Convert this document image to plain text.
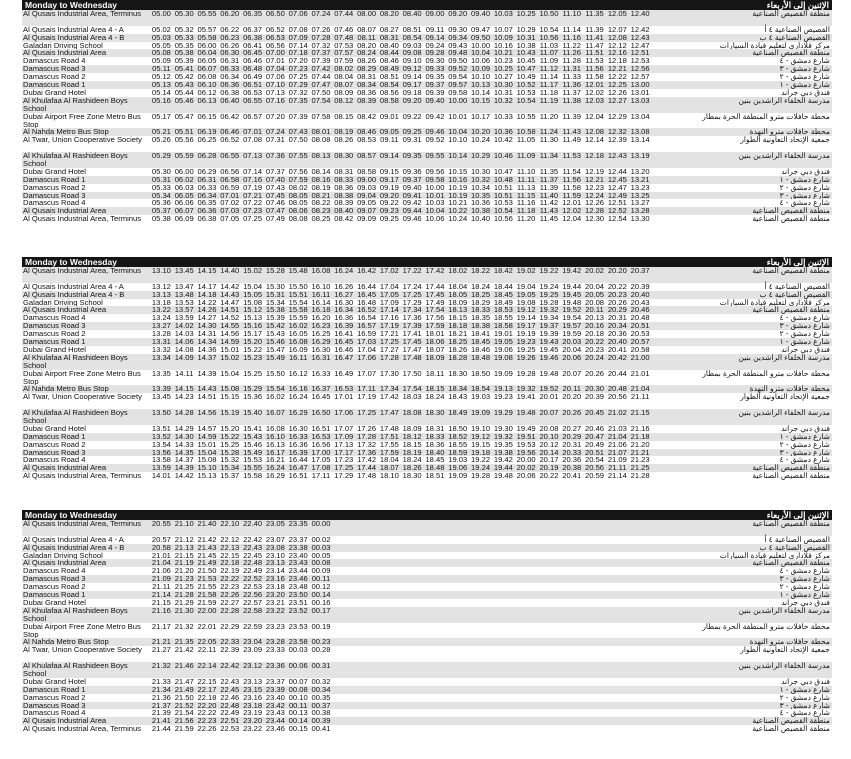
Monday to Wednesday	الإثنين إلى الأربعاء
Al Qusais Industrial Area, Terminus	05.00 05.30 05.55 06.20 06.35 06.50 07.06 07.24 07.44 08.00 08.20 08.40 09.00 09.20 09.40 10.03 10.25 10.50 11.10 11.35 12.05 12.40	منطقة القصيص الصناعية
Al Qusais Industrial Area 4 - A	05.02 05.32 05.57 06.22 06.37 06.52 07.08 07.26 07.46 08.07 08.27 08.51 09.11 09.30 09.47 10.07 10.29 10.54 11.14 11.39 12.07 12.42	القصيص الصناعية ٤ أ
Al Qusais Industrial Area 4 - B	05.03 05.33 05.58 06.23 06.38 06.53 07.09 07.28 07.48 08.11 08.31 08.54 09.14 09.34 09.50 10.09 10.31 10.56 11.16 11.41 12.08 12.43	القصيص الصناعية ٤ ب
Galadari Driving School	05.05 05.35 06.00 06.26 06.41 06.56 07.14 07.32 07.53 08.20 08.40 09.03 09.24 09.43 10.00 10.16 10.38 11.03 11.22 11.47 12.12 12.47	مركز قلاداري لتعليم قيادة السيارات
Al Qusais Industrial Area	05.08 05.38 06.04 06.30 06.45 07.00 07.18 07.37 07.57 08.24 08.44 09.08 09.28 09.48 10.04 10.21 10.43 11.07 11.26 11.51 12.16 12.51	منطقة القصيص الصناعية
Damascus Road 4	05.09 05.39 06.05 06.31 06.46 07.01 07.20 07.39 07.59 08.26 08.46 09.10 09.30 09.50 10.06 10.23 10.45 11.09 11.28 11.53 12.18 12.53	شارع دمشق - ٤
Damascus Road 3	05.11 05.41 06.07 06.33 06.48 07.04 07.23 07.42 08.02 08.29 08.49 09.12 09.33 09.52 10.09 10.25 10.47 11.12 11.31 11.56 12.21 12.56	شارع دمشق - ٣
Damascus Road 2	05.12 05.42 06.08 06.34 06.49 07.06 07.25 07.44 08.04 08.31 08.51 09.14 09.35 09.54 10.10 10.27 10.49 11.14 11.33 11.58 12.22 12.57	شارع دمشق - ٢
Damascus Road 1	05.13 05.43 06.10 06.36 06.51 07.10 07.29 07.47 08.07 08.34 08.54 09.17 09.37 09.57 10.13 10.30 10.52 11.17 11.36 12.01 12.25 13.00	شارع دمشق - ١
Dubai Grand Hotel	05.14 05.44 06.12 06.38 06.53 07.13 07.32 07.50 08.09 08.36 08.56 09.18 09.39 09.58 10.14 10.31 10.53 11.18 11.37 12.02 12.26 13.01	فندق دبي جراند
Al Khulafaa Al Rashideen Boys School
05.16 05.46 06.13 06.40 06.55 07.16 07.35 07.54 08.12 08.39 08.58 09.20 09.40 10.00 10.15 10.32 10.54 11.19 11.38 12.03 12.27 13.03	مدرسة الخلفاء الراشدين بنين
Dubai Airport Free Zone Metro Bus Stop
05.17 05.47 06.15 06.42 06.57 07.20 07.39 07.58 08.15 08.42 09.01 09.22 09.42 10.01 10.17 10.33 10.55 11.20 11.39 12.04 12.29 13.04	محطة حافلات مترو المنطقة الحرة بمطار
Al Nahda Metro Bus Stop	05.21 05.51 06.19 06.46 07.01 07.24 07.43 08.01 08.19 08.46 09.05 09.25 09.46 10.04 10.20 10.36 10.58 11.24 11.43 12.08 12.32 13.08	محطة حافلات مترو النهدة
Al Twar, Union Cooperative Society	05.26 05.56 06.25 06.52 07.08 07.31 07.50 08.08 08.26 08.53 09.11 09.31 09.52 10.10 10.24 10.42 11.05 11.30 11.49 12.14 12.39 13.14	جمعية الإتحاد التعاونية الطوار
Al Khulafaa Al Rashideen Boys School
05.29 05.59 06.28 06.55 07.13 07.36 07.55 08.13 08.30 08.57 09.14 09.35 09.55 10.14 10.29 10.46 11.09 11.34 11.53 12.18 12.43 13.19	مدرسة الخلفاء الراشدين بنين
Dubai Grand Hotel	05.30 06.00 06.29 06.56 07.14 07.37 07.56 08.14 08.31 08.58 09.15 09.36 09.56 10.15 10.30 10.47 11.10 11.35 11.54 12.19 12.44 13.20	فندق دبي جراند
Damascus Road 1	05.31 06.02 06.31 06.58 07.16 07.40 07.59 08.16 08.33 09.00 09.17 09.37 09.58 10.16 10.32 10.48 11.11 11.37 11.56 12.21 12.45 13.21	شارع دمشق - ١
Damascus Road 2	05.33 06.03 06.33 06.59 07.19 07.43 08.02 08.19 08.36 09.03 09.19 09.40 10.00 10.19 10.34 10.51 11.13 11.39 11.58 12.23 12.47 13.23	شارع دمشق - ٢
Damascus Road 3	05.34 06.05 06.34 07.01 07.21 07.45 08.05 08.21 08.38 09.04 09.20 09.41 10.01 10.19 10.35 10.51 11.15 11.40 11.59 12.24 12.49 13.25	شارع دمشق - ٣
Damascus Road 4	05.36 06.06 06.35 07.02 07.22 07.46 08.05 08.22 08.39 09.05 09.22 09.42 10.03 10.21 10.36 10.53 11.16 11.42 12.01 12.26 12.51 13.27	شارع دمشق - ٤
Al Qusais Industrial Area	05.37 06.07 06.36 07.03 07.23 07.47 08.06 08.23 08.40 09.07 09.23 09.44 10.04 10.22 10.38 10.54 11.18 11.43 12.02 12.28 12.52 13.28	منطقة القصيص الصناعية
Al Qusais Industrial Area, Terminus	05.38 06.09 06.38 07.05 07.25 07.49 08.08 08.25 08.42 09.09 09.25 09.46 10.06 10.24 10.40 10.56 11.20 11.45 12.04 12.30 12.54 13.30	منطقة القصيص الصناعية
Monday to Wednesday	الإثنين إلى الأربعاء
Al Qusais Industrial Area, Terminus	13.10 13.45 14.15 14.40 15.02 15.28 15.48 16.08 16.24 16.42 17.02 17.22 17.42 18.02 18.22 18.42 19.02 19.22 19.42 20.02 20.20 20.37	منطقة القصيص الصناعية
Al Qusais Industrial Area 4 - A	13.12 13.47 14.17 14.42 15.04 15.30 15.50 16.10 16.26 16.44 17.04 17.24 17.44 18.04 18.24 18.44 19.04 19.24 19.44 20.04 20.22 20.39	القصيص الصناعية ٤ أ
Al Qusais Industrial Area 4 - B	13.13 13.48 14.18 14.43 15.05 15.31 15.51 16.11 16.27 16.45 17.05 17.25 17.45 18.05 18.25 18.45 19.05 19.25 19.45 20.05 20.23 20.40	القصيص الصناعية ٤ ب
Galadari Driving School	13.18 13.53 14.22 14.47 15.08 15.34 15.54 16.14 16.30 16.48 17.09 17.29 17.49 18.09 18.29 18.49 19.08 19.28 19.48 20.08 20.26 20.43	مركز قلاداري لتعليم قيادة السيارات
Al Qusais Industrial Area	13.22 13.57 14.26 14.51 15.12 15.38 15.58 16.18 16.34 16.52 17.14 17.34 17.54 18.13 18.33 18.53 19.12 19.32 19.52 20.11 20.29 20.46	منطقة القصيص الصناعية
Damascus Road 4	13.24 13.59 14.27 14.52 15.13 15.39 15.59 16.20 16.36 16.54 17.16 17.36 17.56 18.15 18.35 18.55 19.14 19.34 19.54 20.13 20.31 20.48	شارع دمشق - ٤
Damascus Road 3	13.27 14.02 14.30 14.55 15.16 15.42 16.02 16.23 16.39 16.57 17.19 17.39 17.59 18.18 18.38 18.58 19.17 19.37 19.57 20.16 20.34 20.51	شارع دمشق - ٣
Damascus Road 2	13.28 14.03 14.31 14.56 15.17 15.43 16.05 16.25 16.41 16.59 17.21 17.41 18.01 18.21 18.41 19.01 19.19 19.39 19.59 20.18 20.36 20.53	شارع دمشق - ٢
Damascus Road 1	13.31 14.06 14.34 14.59 15.20 15.46 16.08 16.29 16.45 17.03 17.25 17.45 18.06 18.25 18.45 19.05 19.23 19.43 20.03 20.22 20.40 20.57	شارع دمشق - ١
Dubai Grand Hotel	13.32 14.08 14.36 15.01 15.22 15.47 16.09 16.30 16.46 17.04 17.27 17.47 18.07 18.26 18.46 19.06 19.25 19.45 20.04 20.23 20.41 20.58	فندق دبي جراند
Al Khulafaa Al Rashideen Boys School
13.34 14.09 14.37 15.02 15.23 15.49 16.11 16.31 16.47 17.06 17.28 17.48 18.09 18.28 18.48 19.08 19.26 19.46 20.06 20.24 20.42 21.00	مدرسة الخلفاء الراشدين بنين
Dubai Airport Free Zone Metro Bus Stop
13.35 14.11 14.39 15.04 15.25 15.50 16.12 16.33 16.49 17.07 17.30 17.50 18.11 18.30 18.50 19.09 19.28 19.48 20.07 20.26 20.44 21.01	محطة حافلات مترو المنطقة الحرة بمطار
Al Nahda Metro Bus Stop	13.39 14.15 14.43 15.08 15.29 15.54 16.16 16.37 16.53 17.11 17.34 17.54 18.15 18.34 18.54 19.13 19.32 19.52 20.11 20.30 20.48 21.04	محطة حافلات مترو النهدة
Al Twar, Union Cooperative Society	13.45 14.23 14.51 15.15 15.36 16.02 16.24 16.45 17.01 17.19 17.42 18.03 18.24 18.43 19.03 19.23 19.41 20.01 20.20 20.39 20.56 21.11	جمعية الإتحاد التعاونية الطوار
Al Khulafaa Al Rashideen Boys School
13.50 14.28 14.56 15.19 15.40 16.07 16.29 16.50 17.06 17.25 17.47 18.08 18.30 18.49 19.09 19.29 19.48 20.07 20.26 20.45 21.02 21.15	مدرسة الخلفاء الراشدين بنين
Dubai Grand Hotel	13.51 14.29 14.57 15.20 15.41 16.08 16.30 16.51 17.07 17.26 17.48 18.09 18.31 18.50 19.10 19.30 19.49 20.08 20.27 20.46 21.03 21.16	فندق دبي جراند
Damascus Road 1	13.52 14.30 14.59 15.22 15.43 16.10 16.33 16.53 17.09 17.28 17.51 18.12 18.33 18.52 19.12 19.32 19.51 20.10 20.29 20.47 21.04 21.18	شارع دمشق - ١
Damascus Road 2	13.54 14.33 15.01 15.25 15.46 16.13 16.36 16.56 17.13 17.32 17.55 18.15 18.36 18.55 19.15 19.35 19.53 20.12 20.31 20.49 21.06 21.20	شارع دمشق - ٢
Damascus Road 3	13.56 14.35 15.04 15.28 15.49 16.17 16.39 17.00 17.17 17.36 17.59 18.19 18.40 18.59 19.18 19.38 19.56 20.14 20.33 20.51 21.07 21.21	شارع دمشق - ٣
Damascus Road 4	13.58 14.37 15.08 15.32 15.53 16.21 16.44 17.05 17.23 17.42 18.04 18.24 18.45 19.03 19.22 19.42 20.00 20.17 20.36 20.54 21.09 21.23	شارع دمشق - ٤
Al Qusais Industrial Area	13.59 14.39 15.10 15.34 15.55 16.24 16.47 17.08 17.25 17.44 18.07 18.26 18.48 19.06 19.24 19.44 20.02 20.19 20.38 20.56 21.11 21.25	منطقة القصيص الصناعية
Al Qusais Industrial Area, Terminus	14.01 14.42 15.13 15.37 15.58 16.29 16.51 17.11 17.29 17.48 18.10 18.30 18.51 19.09 19.28 19.48 20.06 20.22 20.41 20.59 21.14 21.28	منطقة القصيص الصناعية
Monday to Wednesday	الإثنين إلى الأربعاء
Al Qusais Industrial Area, Terminus	20.55 21.10 21.40 22.10 22.40 23.05 23.35 00.00	منطقة القصيص الصناعية
Al Qusais Industrial Area 4 - A	20.57 21.12 21.42 22.12 22.42 23.07 23.37 00.02	القصيص الصناعية ٤ أ
Al Qusais Industrial Area 4 - B	20.58 21.13 21.43 22.13 22.43 23.08 23.38 00.03	القصيص الصناعية ٤ ب
Galadari Driving School	21.01 21.15 21.45 22.15 22.45 23.10 23.40 00.05	مركز قلاداري لتعليم قيادة السيارات
Al Qusais Industrial Area	21.04 21.19 21.49 22.18 22.48 23.13 23.43 00.08	منطقة القصيص الصناعية
Damascus Road 4	21.06 21.20 21.50 22.19 22.49 23.14 23.44 00.09	شارع دمشق - ٤
Damascus Road 3	21.09 21.23 21.53 22.22 22.52 23.16 23.46 00.11	شارع دمشق - ٣
Damascus Road 2	21.11 21.25 21.55 22.23 22.53 23.18 23.48 00.12	شارع دمشق - ٢
Damascus Road 1	21.14 21.28 21.58 22.26 22.56 23.20 23.50 00.14	شارع دمشق - ١
Dubai Grand Hotel	21.15 21.29 21.59 22.27 22.57 23.21 23.51 00.16	فندق دبي جراند
Al Khulafaa Al Rashideen Boys School
21.16 21.30 22.00 22.28 22.58 23.22 23.52 00.17	مدرسة الخلفاء الراشدين بنين
Dubai Airport Free Zone Metro Bus Stop
21.17 21.32 22.01 22.29 22.59 23.23 23.53 00.19	محطة حافلات مترو المنطقة الحرة بمطار
Al Nahda Metro Bus Stop	21.21 21.35 22.05 22.33 23.04 23.28 23.58 00.23	محطة حافلات مترو النهدة
Al Twar, Union Cooperative Society	21.27 21.42 22.11 22.39 23.09 23.33 00.03 00.28	جمعية الإتحاد التعاونية الطوار
Al Khulafaa Al Rashideen Boys School
21.32 21.46 22.14 22.42 23.12 23.36 00.06 00.31	مدرسة الخلفاء الراشدين بنين
Dubai Grand Hotel	21.33 21.47 22.15 22.43 23.13 23.37 00.07 00.32	فندق دبي جراند
Damascus Road 1	21.34 21.49 22.17 22.45 23.15 23.39 00.08 00.34	شارع دمشق - ١
Damascus Road 2	21.36 21.50 22.18 22.46 23.16 23.40 00.10 00.35	شارع دمشق - ٢
Damascus Road 3	21.37 21.52 22.20 22.48 23.18 23.42 00.11 00.37	شارع دمشق - ٣
Damascus Road 4	21.39 21.54 22.22 22.49 23.19 23.43 00.13 00.38	شارع دمشق - ٤
Al Qusais Industrial Area	21.41 21.56 22.23 22.51 23.20 23.44 00.14 00.39	منطقة القصيص الصناعية
Al Qusais Industrial Area, Terminus	21.44 21.59 22.26 22.53 23.22 23.46 00.15 00.41	منطقة القصيص الصناعية
